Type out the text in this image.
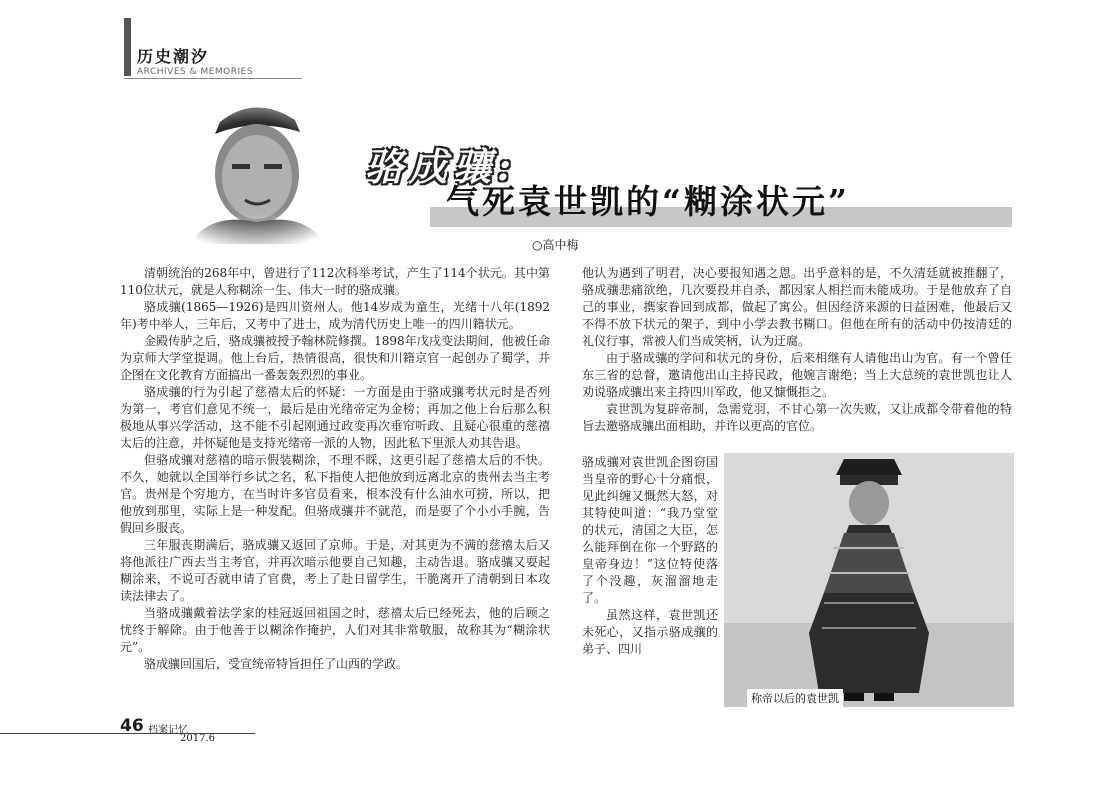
历史潮汐
ARCHIVES & MEMORIES
骆成骧:
气死袁世凯的“糊涂状元”
○高中梅

清朝统治的268年中，曾进行了112次科举考试，产生了114个状元。其中第110位状元，就是人称糊涂一生、伟大一时的骆成骧。

骆成骧(1865—1926)是四川资州人。他14岁成为童生，光绪十八年(1892年)考中举人，三年后，又考中了进士，成为清代历史上唯一的四川籍状元。

金殿传胪之后，骆成骧被授予翰林院修撰。1898年戊戌变法期间，他被任命为京师大学堂提调。他上台后，热情很高，很快和川籍京官一起创办了蜀学，并企图在文化教育方面搞出一番轰轰烈烈的事业。

骆成骧的行为引起了慈禧太后的怀疑：一方面是由于骆成骧考状元时是否列为第一，考官们意见不统一，最后是由光绪帝定为金榜；再加之他上台后那么积极地从事兴学活动，这不能不引起刚通过政变再次垂帘听政、且疑心很重的慈禧太后的注意，并怀疑他是支持光绪帝一派的人物，因此私下里派人劝其告退。

但骆成骧对慈禧的暗示假装糊涂，不理不睬，这更引起了慈禧太后的不快。不久，她就以全国举行乡试之名，私下指使人把他放到远离北京的贵州去当主考官。贵州是个穷地方，在当时许多官员看来，根本没有什么油水可捞，所以，把他放到那里，实际上是一种发配。但骆成骧并不就范，而是耍了个小小手腕，告假回乡服丧。

三年服丧期满后，骆成骧又返回了京师。于是，对其更为不满的慈禧太后又将他派往广西去当主考官，并再次暗示他要自己知趣，主动告退。骆成骧又耍起糊涂来，不说可否就申请了官费，考上了赴日留学生，干脆离开了清朝到日本攻读法律去了。

当骆成骧戴着法学家的桂冠返回祖国之时，慈禧太后已经死去，他的后顾之忧终于解除。由于他善于以糊涂作掩护，人们对其非常敬服，故称其为“糊涂状元”。

骆成骧回国后，受宣统帝特旨担任了山西的学政。

他认为遇到了明君，决心要报知遇之恩。出乎意料的是，不久清廷就被推翻了，骆成骧悲痛欲绝，几次要投井自杀，都因家人相拦而未能成功。于是他放弃了自己的事业，携家眷回到成都，做起了寓公。但因经济来源的日益困难，他最后又不得不放下状元的架子，到中小学去教书糊口。但他在所有的活动中仍按清廷的礼仪行事，常被人们当成笑柄，认为迂腐。

由于骆成骧的学问和状元的身份，后来相继有人请他出山为官。有一个曾任东三省的总督，邀请他出山主持民政，他婉言谢绝；当上大总统的袁世凯也让人劝说骆成骧出来主持四川军政，他又慷慨拒之。

袁世凯为复辟帝制，急需党羽，不甘心第一次失败，又让成都令带着他的特旨去邀骆成骧出面相助，并许以更高的官位。

骆成骧对袁世凯企图窃国当皇帝的野心十分痛恨，见此纠缠又慨然大怒，对其特使叫道：“我乃堂堂的状元，清国之大臣，怎么能拜倒在你一个野路的皇帝身边！”这位特使落了个没趣，灰溜溜地走了。

虽然这样，袁世凯还未死心，又指示骆成骧的弟子、四川

称帝以后的袁世凯
46 档案记忆
2017.6
